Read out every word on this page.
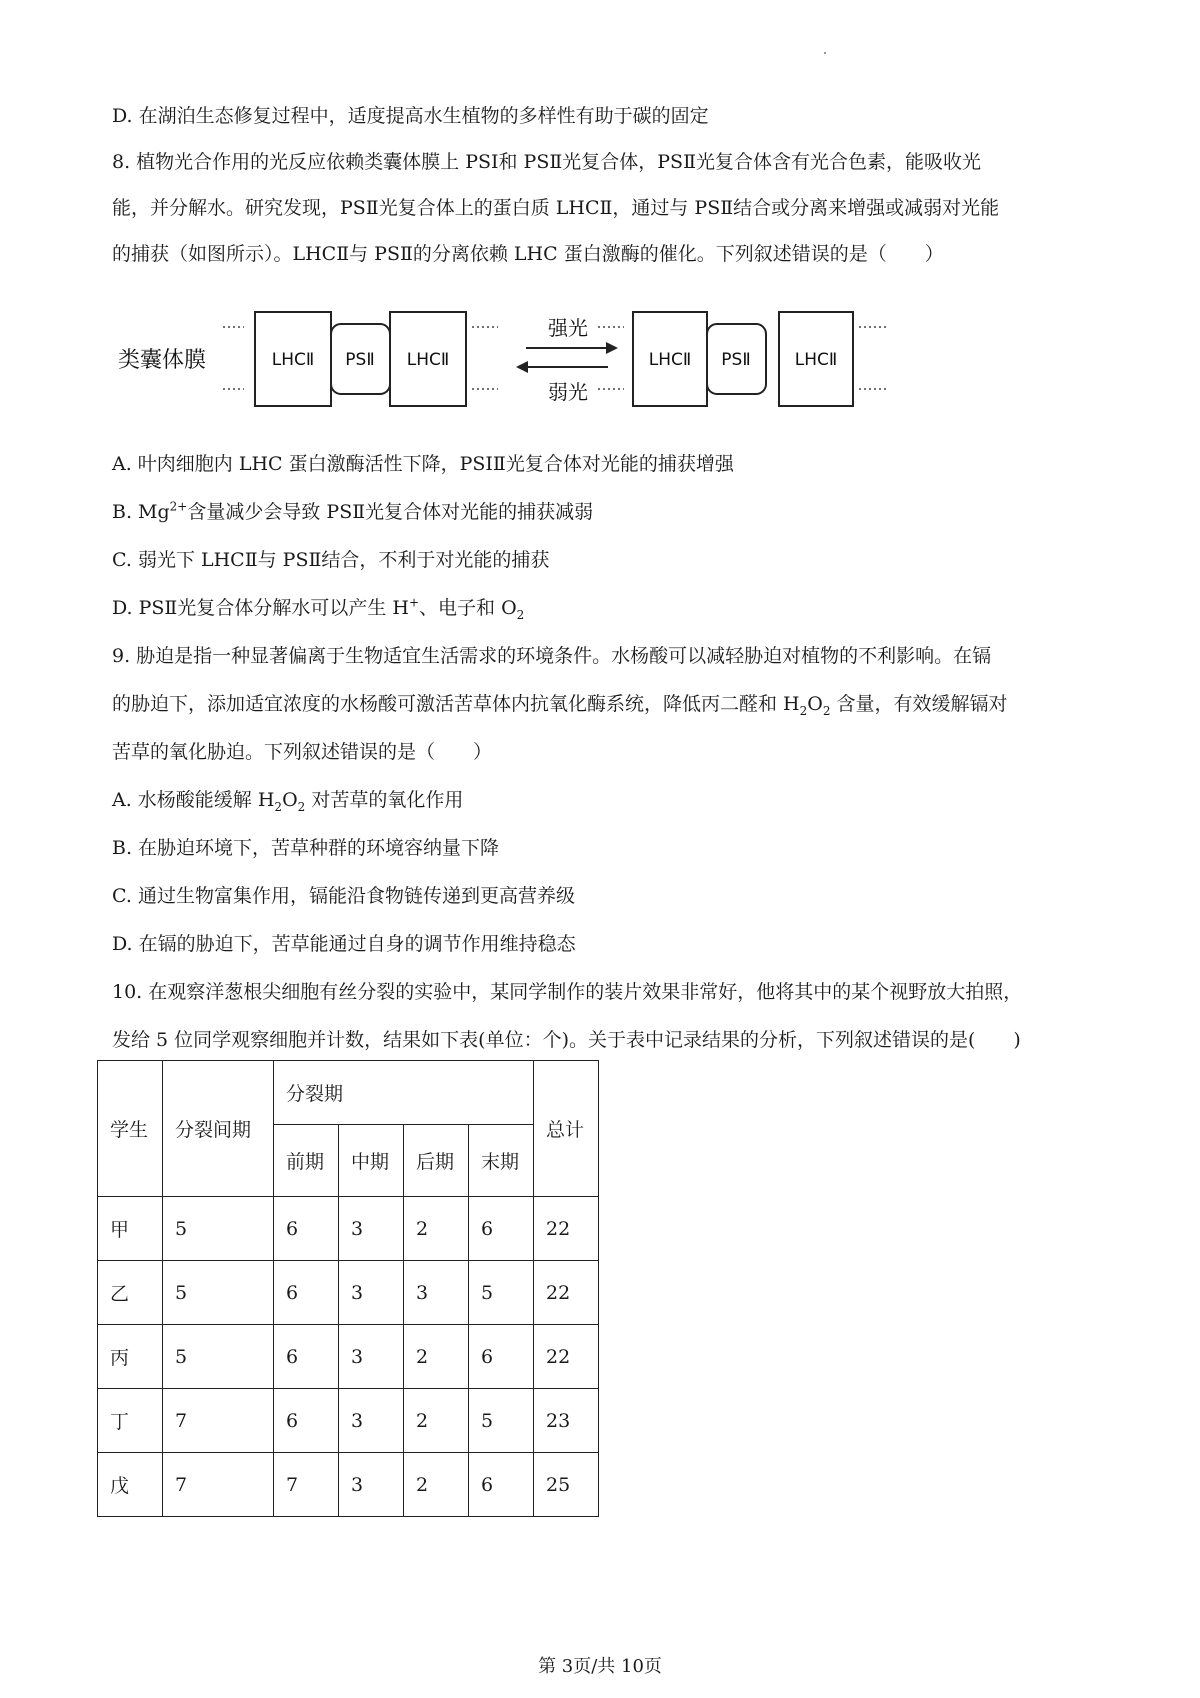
D. 在湖泊生态修复过程中，适度提高水生植物的多样性有助于碳的固定
8. 植物光合作用的光反应依赖类囊体膜上 PSⅠ和 PSⅡ光复合体，PSⅡ光复合体含有光合色素，能吸收光
能，并分解水。研究发现，PSⅡ光复合体上的蛋白质 LHCⅡ，通过与 PSⅡ结合或分离来增强或减弱对光能
的捕获（如图所示）。LHCⅡ与 PSⅡ的分离依赖 LHC 蛋白激酶的催化。下列叙述错误的是（　　）
类囊体膜	LHCⅡ PSⅡ LHCⅡ
强光
弱光
LHCⅡ PSⅡ	LHCⅡ
A. 叶肉细胞内 LHC 蛋白激酶活性下降，PSIⅡ光复合体对光能的捕获增强
B. $Mg^{2+}$含量减少会导致 PSⅡ光复合体对光能的捕获减弱
C. 弱光下 LHCⅡ与 PSⅡ结合，不利于对光能的捕获
D. PSⅡ光复合体分解水可以产生 H+、电子和 $O_2$
9. 胁迫是指一种显著偏离于生物适宜生活需求的环境条件。水杨酸可以减轻胁迫对植物的不利影响。在镉
的胁迫下，添加适宜浓度的水杨酸可激活苦草体内抗氧化酶系统，降低丙二醛和 $H_2O_2$ 含量，有效缓解镉对
苦草的氧化胁迫。下列叙述错误的是（　　）
A. 水杨酸能缓解 $H_2O_2$ 对苦草的氧化作用
B. 在胁迫环境下，苦草种群的环境容纳量下降
C. 通过生物富集作用，镉能沿食物链传递到更高营养级
D. 在镉的胁迫下，苦草能通过自身的调节作用维持稳态
10. 在观察洋葱根尖细胞有丝分裂的实验中，某同学制作的装片效果非常好，他将其中的某个视野放大拍照，
发给 5 位同学观察细胞并计数，结果如下表(单位：个)。关于表中记录结果的分析，下列叙述错误的是(　　)
学生	分裂间期	分裂期				总计
		前期	中期	后期	末期	
甲	5	6	3	2	6	22
乙	5	6	3	3	5	22
丙	5	6	3	2	6	22
丁	7	6	3	2	5	23
戊	7	7	3	2	6	25
第 3页/共 10页
